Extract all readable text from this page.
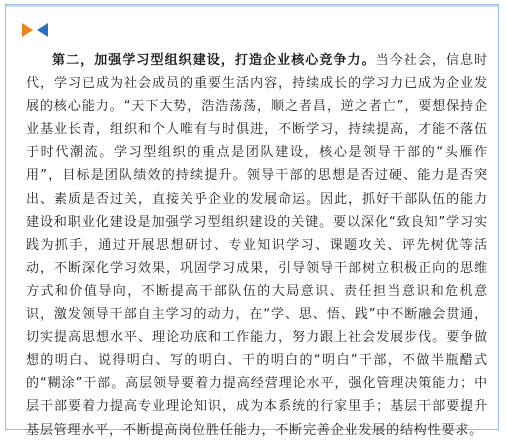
第二，加强学习型组织建设，打造企业核心竞争力。当今社会，信息时代，学习已成为社会成员的重要生活内容，持续成长的学习力已成为企业发展的核心能力。“天下大势，浩浩荡荡，顺之者昌，逆之者亡”，要想保持企业基业长青，组织和个人唯有与时俱进，不断学习，持续提高，才能不落伍于时代潮流。学习型组织的重点是团队建设，核心是领导干部的“头雁作用”，目标是团队绩效的持续提升。领导干部的思想是否过硬、能力是否突出、素质是否过关，直接关乎企业的发展命运。因此，抓好干部队伍的能力建设和职业化建设是加强学习型组织建设的关键。要以深化“致良知”学习实践为抓手，通过开展思想研讨、专业知识学习、课题攻关、评先树优等活动，不断深化学习效果，巩固学习成果，引导领导干部树立积极正向的思维方式和价值导向，不断提高干部队伍的大局意识、责任担当意识和危机意识，激发领导干部自主学习的动力，在“学、思、悟、践”中不断融会贯通，切实提高思想水平、理论功底和工作能力，努力跟上社会发展步伐。要争做想的明白、说得明白、写的明白、干的明白的“明白”干部，不做半瓶醋式的“糊涂”干部。高层领导要着力提高经营理论水平，强化管理决策能力；中层干部要着力提高专业理论知识，成为本系统的行家里手；基层干部要提升基层管理水平，不断提高岗位胜任能力，不断完善企业发展的结构性要求。
